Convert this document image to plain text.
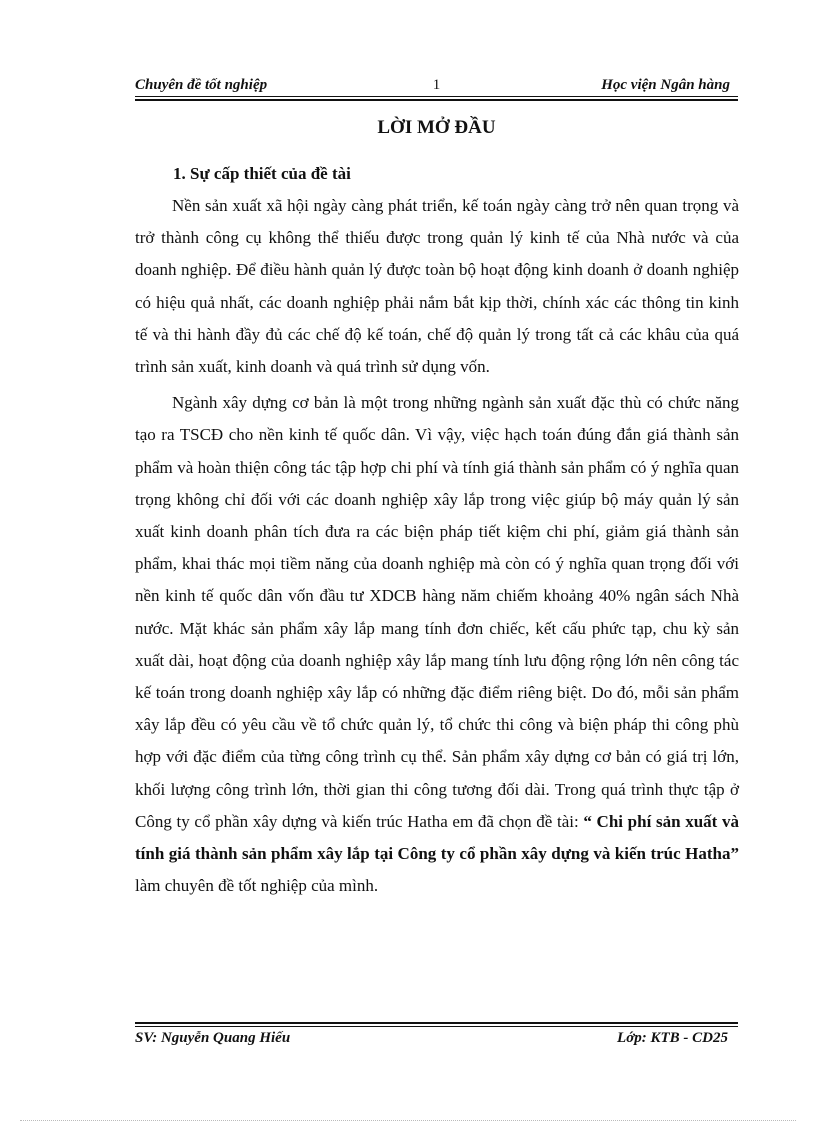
Chuyên đề tốt nghiệp	1	Học viện Ngân hàng
LỜI MỞ ĐẦU
1. Sự cấp thiết của đề tài

Nền sản xuất xã hội ngày càng phát triển, kế toán ngày càng trở nên quan trọng và trở thành công cụ không thể thiếu được trong quản lý kinh tế của Nhà nước và của doanh nghiệp. Để điều hành quản lý được toàn bộ hoạt động kinh doanh ở doanh nghiệp có hiệu quả nhất, các doanh nghiệp phải nắm bắt kịp thời, chính xác các thông tin kinh tế và thi hành đầy đủ các chế độ kế toán, chế độ quản lý trong tất cả các khâu của quá trình sản xuất, kinh doanh và quá trình sử dụng vốn.

Ngành xây dựng cơ bản là một trong những ngành sản xuất đặc thù có chức năng tạo ra TSCĐ cho nền kinh tế quốc dân. Vì vậy, việc hạch toán đúng đắn giá thành sản phẩm và hoàn thiện công tác tập hợp chi phí và tính giá thành sản phẩm có ý nghĩa quan trọng không chỉ đối với các doanh nghiệp xây lắp trong việc giúp bộ máy quản lý sản xuất kinh doanh phân tích đưa ra các biện pháp tiết kiệm chi phí, giảm giá thành sản phẩm, khai thác mọi tiềm năng của doanh nghiệp mà còn có ý nghĩa quan trọng đối với nền kinh tế quốc dân vốn đầu tư XDCB hàng năm chiếm khoảng 40% ngân sách Nhà nước. Mặt khác sản phẩm xây lắp mang tính đơn chiếc, kết cấu phức tạp, chu kỳ sản xuất dài, hoạt động của doanh nghiệp xây lắp mang tính lưu động rộng lớn nên công tác kế toán trong doanh nghiệp xây lắp có những đặc điểm riêng biệt. Do đó, mỗi sản phẩm xây lắp đều có yêu cầu về tổ chức quản lý, tổ chức thi công và biện pháp thi công phù hợp với đặc điểm của từng công trình cụ thể. Sản phẩm xây dựng cơ bản có giá trị lớn, khối lượng công trình lớn, thời gian thi công tương đối dài. Trong quá trình thực tập ở Công ty cổ phần xây dựng và kiến trúc Hatha em đã chọn đề tài: “ Chi phí sản xuất và tính giá thành sản phẩm xây lắp tại Công ty cổ phần xây dựng và kiến trúc Hatha” làm chuyên đề tốt nghiệp của mình.

SV: Nguyễn Quang Hiếu	Lớp: KTB - CD25
